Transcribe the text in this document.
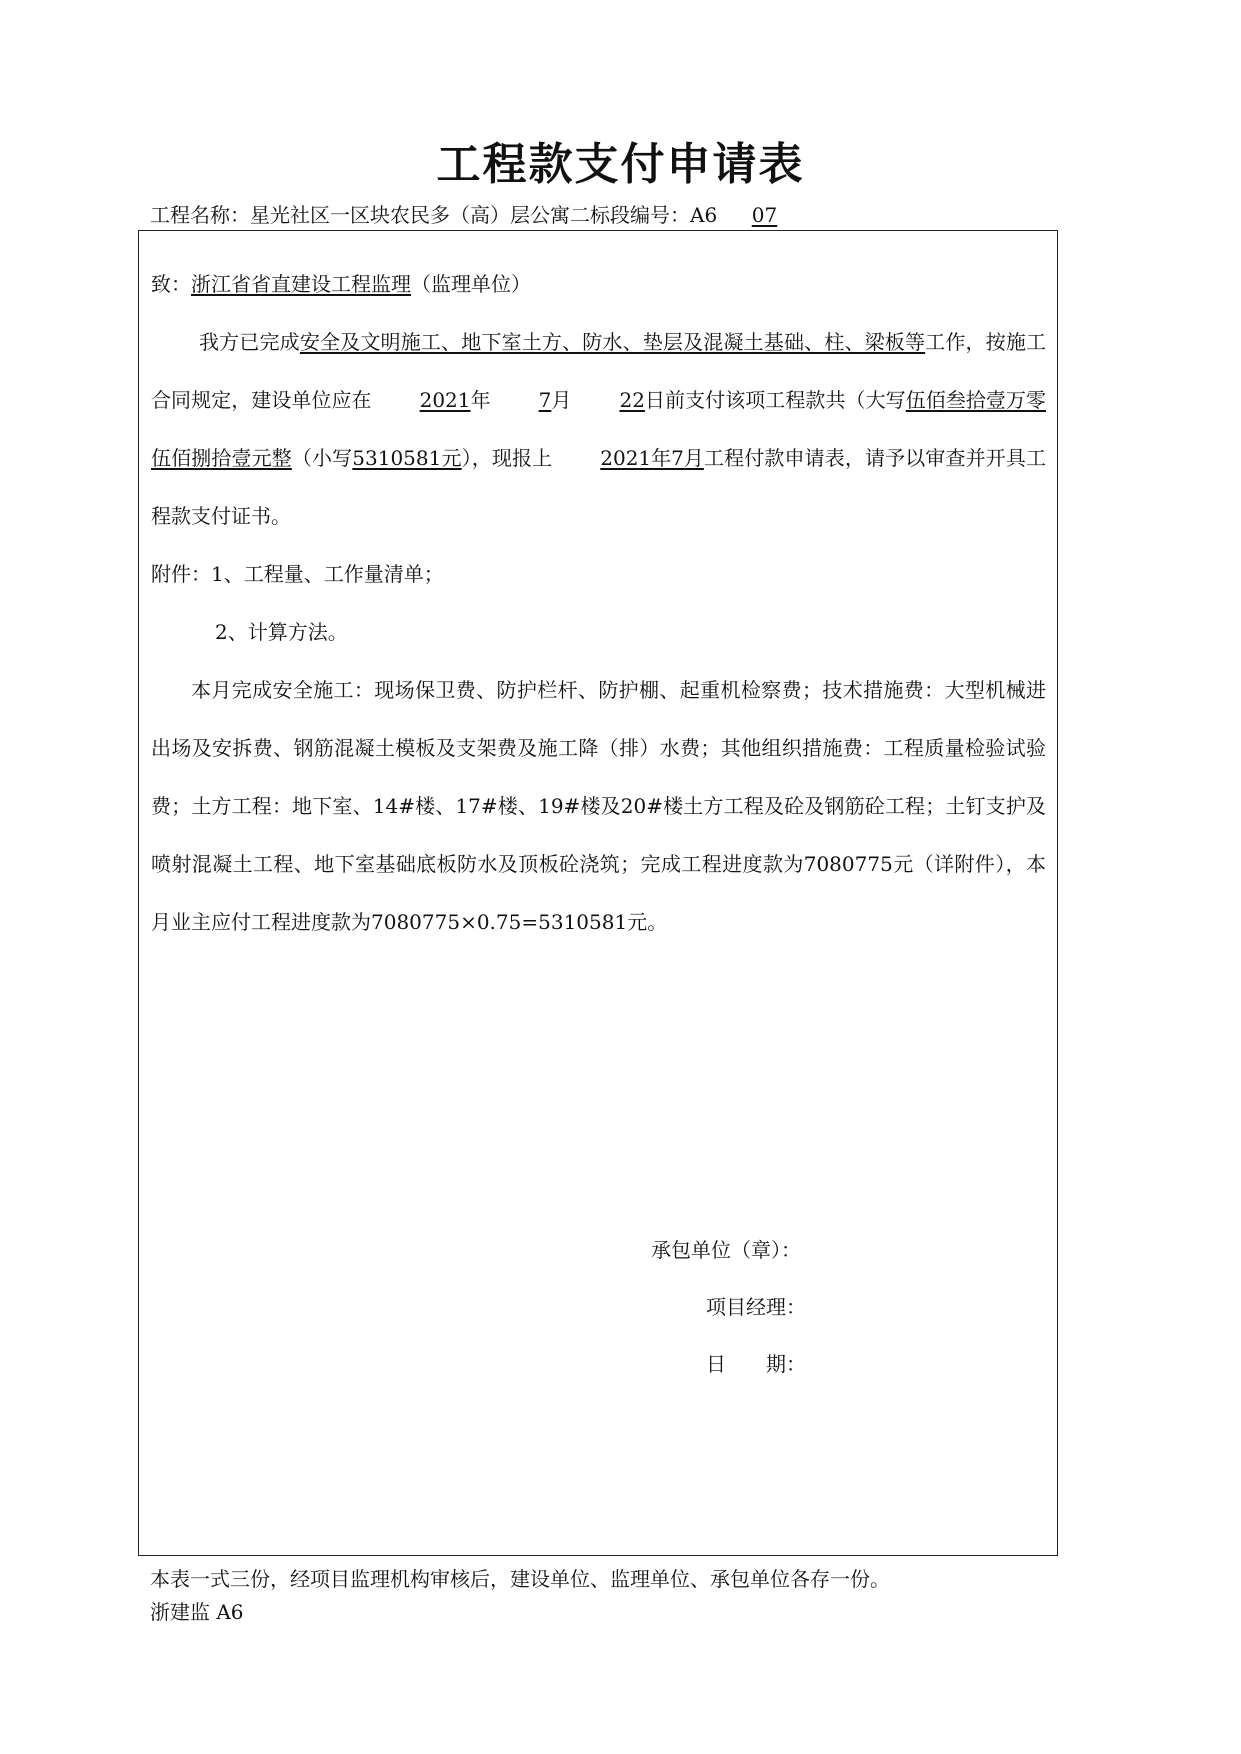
工程款支付申请表
工程名称：星光社区一区块农民多（高）层公寓二标段编号：A6 07

致：浙江省省直建设工程监理（监理单位）

我方已完成安全及文明施工、地下室土方、防水、垫层及混凝土基础、柱、梁板等工作，按施工合同规定，建设单位应在 2021年 7月 22日前支付该项工程款共（大写伍佰叁拾壹万零伍佰捌拾壹元整（小写5310581元），现报上 2021年7月工程付款申请表，请予以审查并开具工程款支付证书。

附件：1、工程量、工作量清单；

2、计算方法。

本月完成安全施工：现场保卫费、防护栏杆、防护棚、起重机检察费；技术措施费：大型机械进出场及安拆费、钢筋混凝土模板及支架费及施工降（排）水费；其他组织措施费：工程质量检验试验费；土方工程：地下室、14#楼、17#楼、19#楼及20#楼土方工程及砼及钢筋砼工程；土钉支护及喷射混凝土工程、地下室基础底板防水及顶板砼浇筑；完成工程进度款为7080775元（详附件），本月业主应付工程进度款为7080775×0.75=5310581元。

承包单位（章）：
项目经理：
日　　期：
本表一式三份，经项目监理机构审核后，建设单位、监理单位、承包单位各存一份。
浙建监 A6
